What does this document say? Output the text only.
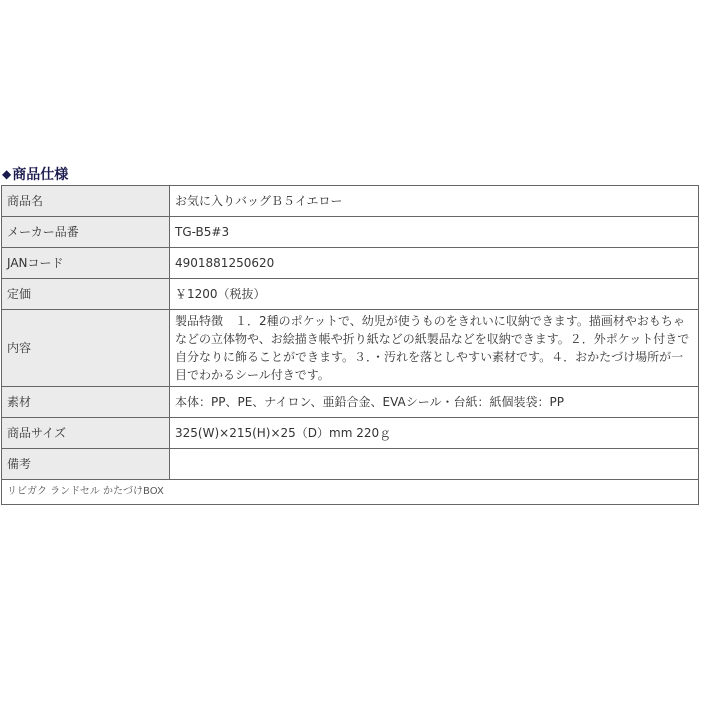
◆ 商品仕様
商品名	お気に入りバッグＢ５イエロー
メーカー品番	TG-B5#3
JANコード	4901881250620
定価	￥1200（税抜）
内容	製品特徴　１．2種のポケットで、幼児が使うものをきれいに収納できます。描画材やおもちゃなどの立体物や、お絵描き帳や折り紙などの紙製品などを収納できます。２．外ポケット付きで自分なりに飾ることができます。３．・汚れを落としやすい素材です。４．おかたづけ場所が一目でわかるシール付きです。
素材	本体：PP、PE、ナイロン、亜鉛合金、EVAシール・台紙：紙個装袋：PP
商品サイズ	325(W)×215(H)×25（D）mm 220ｇ
備考	
リビガク ランドセル かたづけBOX	
